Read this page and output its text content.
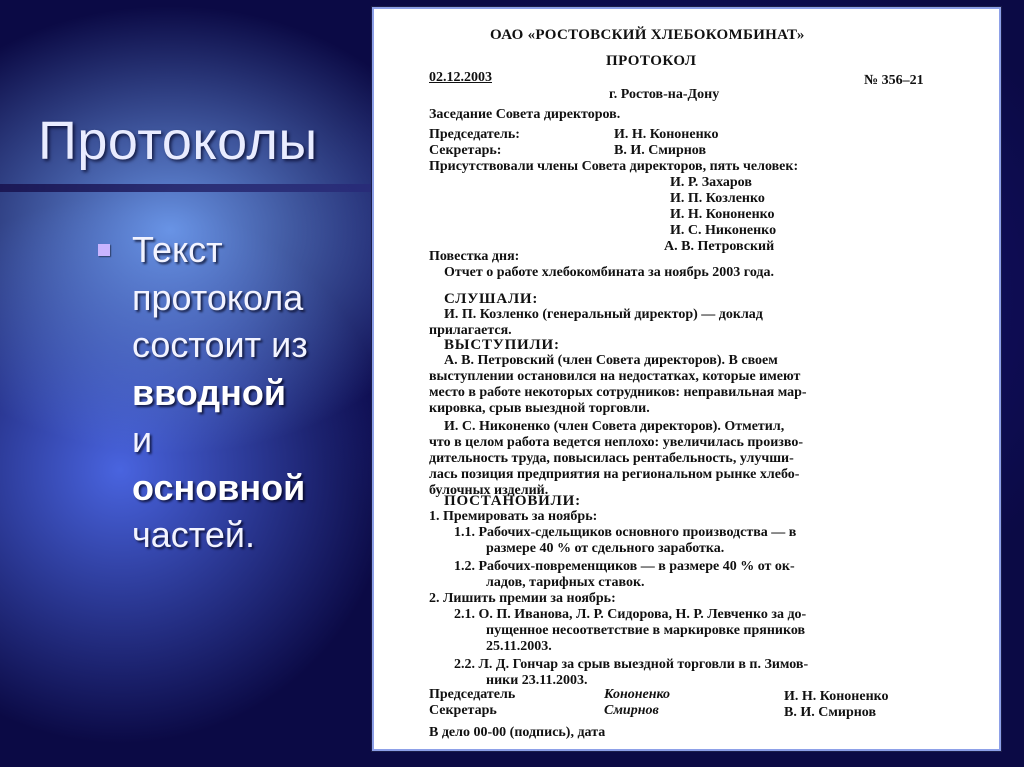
Протоколы
Текст
протокола
состоит из
вводной
и
основной
частей.
ОАО «РОСТОВСКИЙ ХЛЕБОКОМБИНАТ»
ПРОТОКОЛ
02.12.2003	№ 356–21
г. Ростов-на-Дону
Заседание Совета директоров.
Председатель:	И. Н. Кононенко
Секретарь:	В. И. Смирнов
Присутствовали члены Совета директоров, пять человек:
И. Р. Захаров
И. П. Козленко
И. Н. Кононенко
И. С. Никоненко
А. В. Петровский
Повестка дня:
Отчет о работе хлебокомбината за ноябрь 2003 года.
СЛУШАЛИ:
И. П. Козленко (генеральный директор) — доклад
прилагается.
ВЫСТУПИЛИ:
А. В. Петровский (член Совета директоров). В своем
выступлении остановился на недостатках, которые имеют
место в работе некоторых сотрудников: неправильная мар-
кировка, срыв выездной торговли.
И. С. Никоненко (член Совета директоров). Отметил,
что в целом работа ведется неплохо: увеличилась произво-
дительность труда, повысилась рентабельность, улучши-
лась позиция предприятия на региональном рынке хлебо-
булочных изделий.
ПОСТАНОВИЛИ:
1. Премировать за ноябрь:
1.1. Рабочих-сдельщиков основного производства — в
размере 40 % от сдельного заработка.
1.2. Рабочих-повременщиков — в размере 40 % от ок-
ладов, тарифных ставок.
2. Лишить премии за ноябрь:
2.1. О. П. Иванова, Л. Р. Сидорова, Н. Р. Левченко за до-
пущенное несоответствие в маркировке пряников
25.11.2003.
2.2. Л. Д. Гончар за срыв выездной торговли в п. Зимов-
ники 23.11.2003.
Председатель	Кононенко	И. Н. Кононенко
Секретарь	Смирнов	В. И. Смирнов
В дело 00-00 (подпись), дата
